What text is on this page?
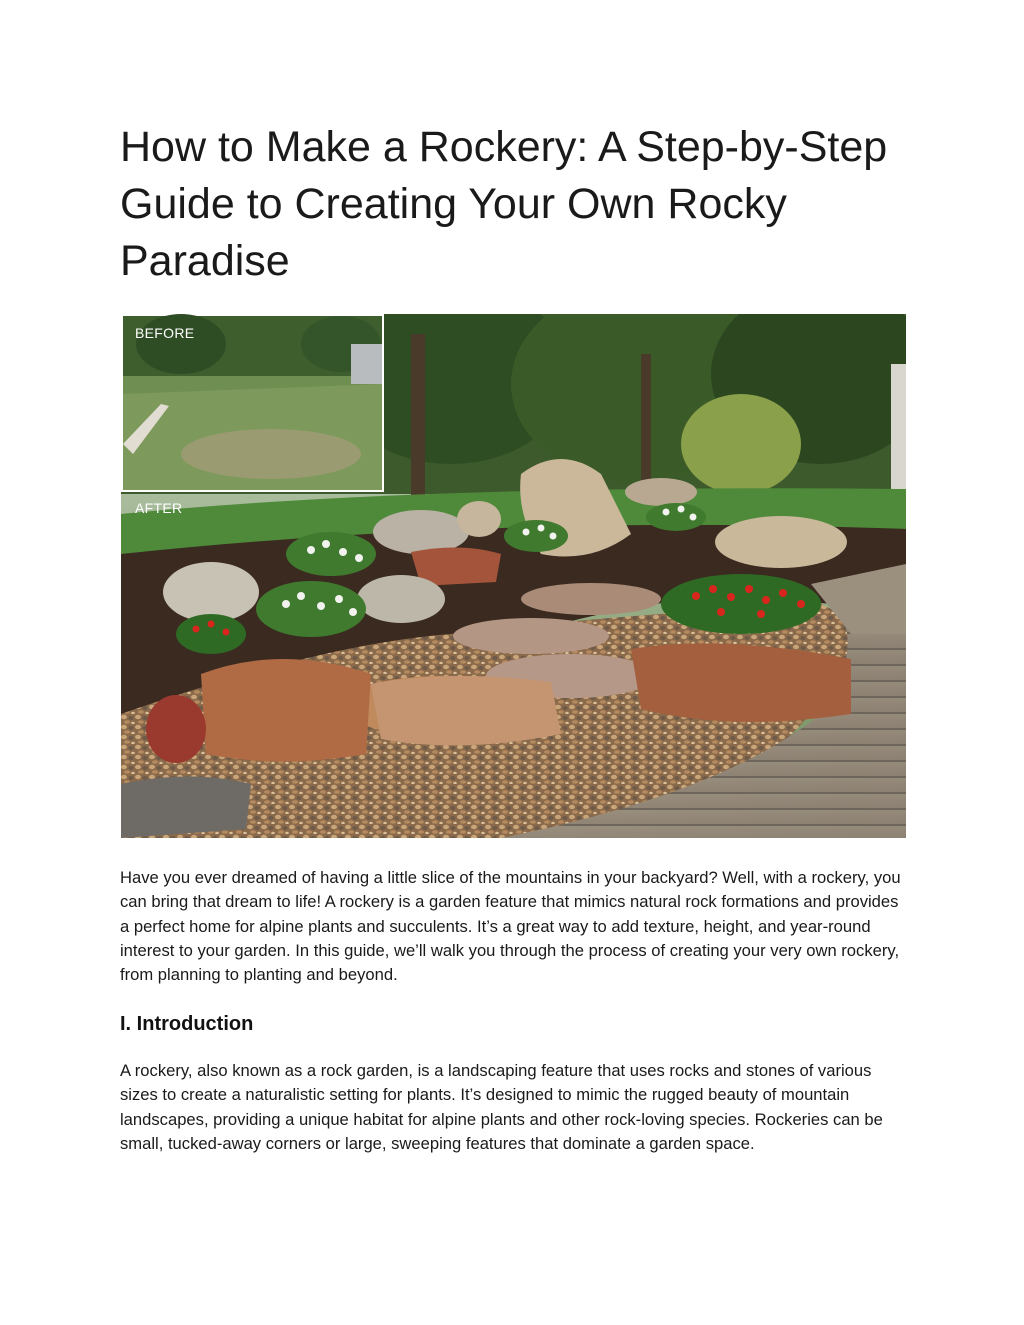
How to Make a Rockery: A Step-by-Step Guide to Creating Your Own Rocky Paradise
BEFORE
AFTER

Have you ever dreamed of having a little slice of the mountains in your backyard? Well, with a rockery, you can bring that dream to life! A rockery is a garden feature that mimics natural rock formations and provides a perfect home for alpine plants and succulents. It’s a great way to add texture, height, and year-round interest to your garden. In this guide, we’ll walk you through the process of creating your very own rockery, from planning to planting and beyond.

I. Introduction

A rockery, also known as a rock garden, is a landscaping feature that uses rocks and stones of various sizes to create a naturalistic setting for plants. It’s designed to mimic the rugged beauty of mountain landscapes, providing a unique habitat for alpine plants and other rock-loving species. Rockeries can be small, tucked-away corners or large, sweeping features that dominate a garden space.
